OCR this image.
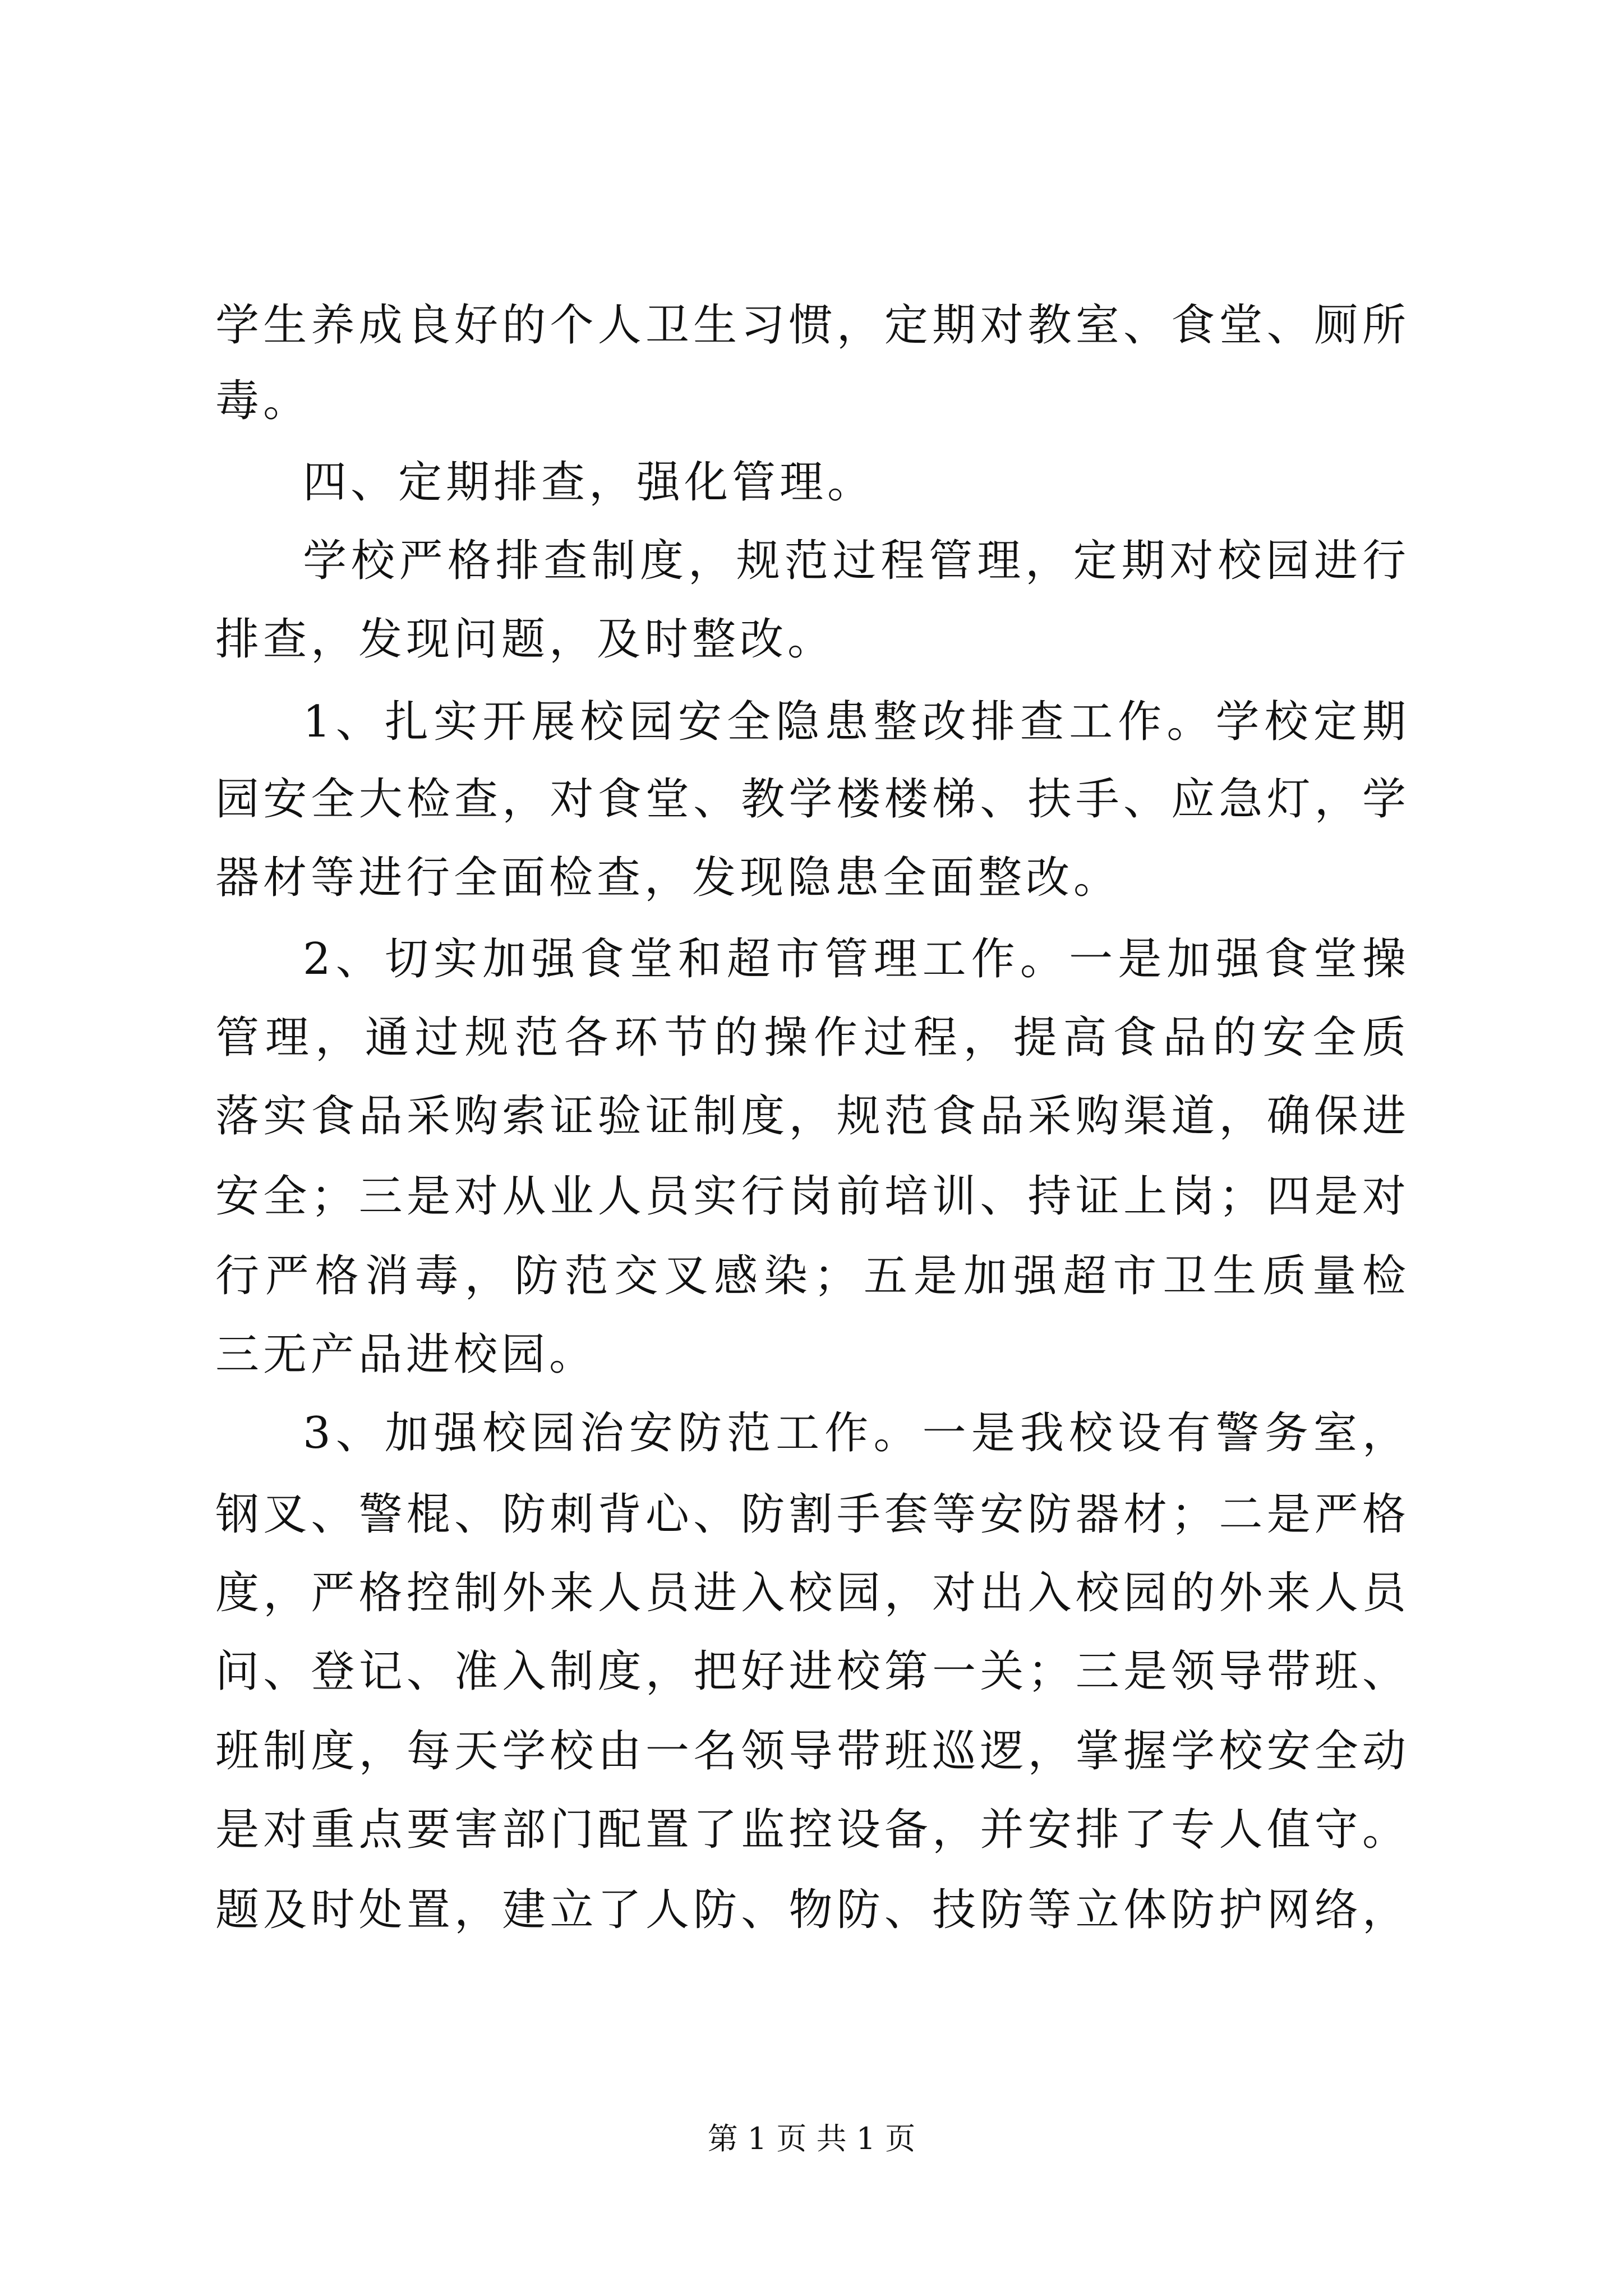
学生养成良好的个人卫生习惯，定期对教室、食堂、厕所
毒。
四、定期排查，强化管理。
学校严格排查制度，规范过程管理，定期对校园进行
排查，发现问题，及时整改。
1、扎实开展校园安全隐患整改排查工作。学校定期
园安全大检查，对食堂、教学楼楼梯、扶手、应急灯，学
器材等进行全面检查，发现隐患全面整改。
2、切实加强食堂和超市管理工作。一是加强食堂操
管理，通过规范各环节的操作过程，提高食品的安全质
落实食品采购索证验证制度，规范食品采购渠道，确保进
安全；三是对从业人员实行岗前培训、持证上岗；四是对
行严格消毒，防范交叉感染；五是加强超市卫生质量检
三无产品进校园。
3、加强校园治安防范工作。一是我校设有警务室，
钢叉、警棍、防刺背心、防割手套等安防器材；二是严格
度，严格控制外来人员进入校园，对出入校园的外来人员
问、登记、准入制度，把好进校第一关；三是领导带班、
班制度，每天学校由一名领导带班巡逻，掌握学校安全动
是对重点要害部门配置了监控设备，并安排了专人值守。
题及时处置，建立了人防、物防、技防等立体防护网络，
第 1 页 共 1 页
